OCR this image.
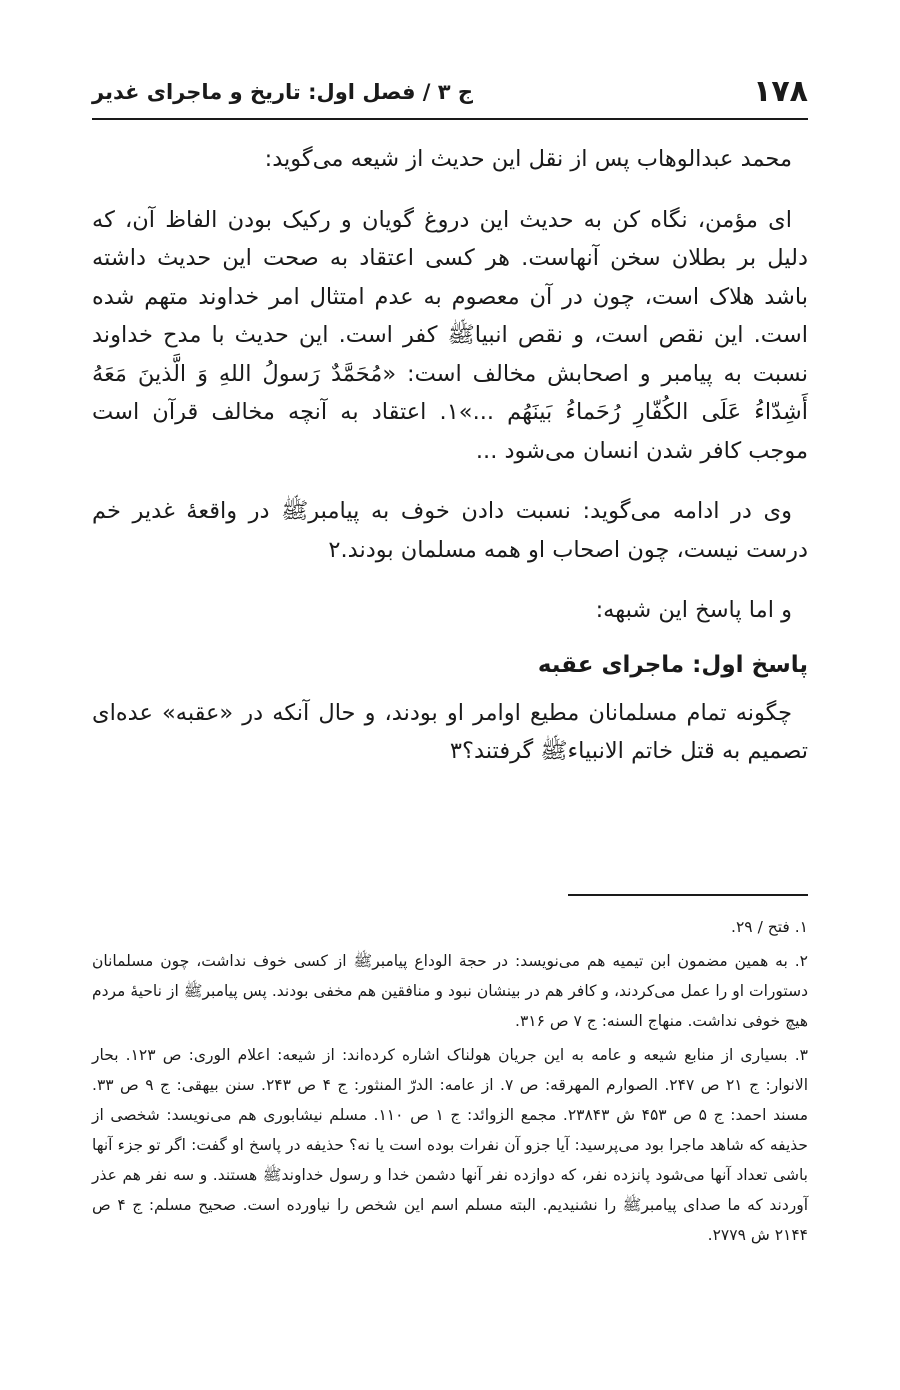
۱۷۸
ج ۳ / فصل اول: تاریخ و ماجرای غدیر

محمد عبدالوهاب پس از نقل این حدیث از شیعه می‌گوید:

ای مؤمن، نگاه کن به حدیث این دروغ گویان و رکیک بودن الفاظ آن، که دلیل بر بطلان سخن آنهاست. هر کسی اعتقاد به صحت این حدیث داشته باشد هلاک است، چون در آن معصوم به عدم امتثال امر خداوند متهم شده است. این نقص است، و نقص انبیاﷺ کفر است. این حدیث با مدح خداوند نسبت به پیامبر و اصحابش مخالف است: «مُحَمَّدٌ رَسولُ اللهِ وَ الَّذینَ مَعَهُ أَشِدّاءُ عَلَی الکُفّارِ رُحَماءُ بَینَهُم ...»۱. اعتقاد به آنچه مخالف قرآن است موجب کافر شدن انسان می‌شود ...

وی در ادامه می‌گوید: نسبت دادن خوف به پیامبرﷺ در واقعهٔ غدیر خم درست نیست، چون اصحاب او همه مسلمان بودند.۲

و اما پاسخ این شبهه:

پاسخ اول: ماجرای عقبه

چگونه تمام مسلمانان مطیع اوامر او بودند، و حال آنکه در «عقبه» عده‌ای تصمیم به قتل خاتم الانبیاءﷺ گرفتند؟۳

۱. فتح / ۲۹.

۲. به همین مضمون ابن تیمیه هم می‌نویسد: در حجة الوداع پیامبرﷺ از کسی خوف نداشت، چون مسلمانان دستورات او را عمل می‌کردند، و کافر هم در بینشان نبود و منافقین هم مخفی بودند. پس پیامبرﷺ از ناحیهٔ مردم هیچ خوفی نداشت. منهاج السنه: ج ۷ ص ۳۱۶.

۳. بسیاری از منابع شیعه و عامه به این جریان هولناک اشاره کرده‌اند: از شیعه: اعلام الوری: ص ۱۲۳. بحار الانوار: ج ۲۱ ص ۲۴۷. الصوارم المهرقه: ص ۷. از عامه: الدرّ المنثور: ج ۴ ص ۲۴۳. سنن بیهقی: ج ۹ ص ۳۳. مسند احمد: ج ۵ ص ۴۵۳ ش ۲۳۸۴۳. مجمع الزوائد: ج ۱ ص ۱۱۰. مسلم نیشابوری هم می‌نویسد: شخصی از حذیفه که شاهد ماجرا بود می‌پرسید: آیا جزو آن نفرات بوده است یا نه؟ حذیفه در پاسخ او گفت: اگر تو جزء آنها باشی تعداد آنها می‌شود پانزده نفر، که دوازده نفر آنها دشمن خدا و رسول خداوندﷺ هستند. و سه نفر هم عذر آوردند که ما صدای پیامبرﷺ را نشنیدیم. البته مسلم اسم این شخص را نیاورده است. صحیح مسلم: ج ۴ ص ۲۱۴۴ ش ۲۷۷۹.
